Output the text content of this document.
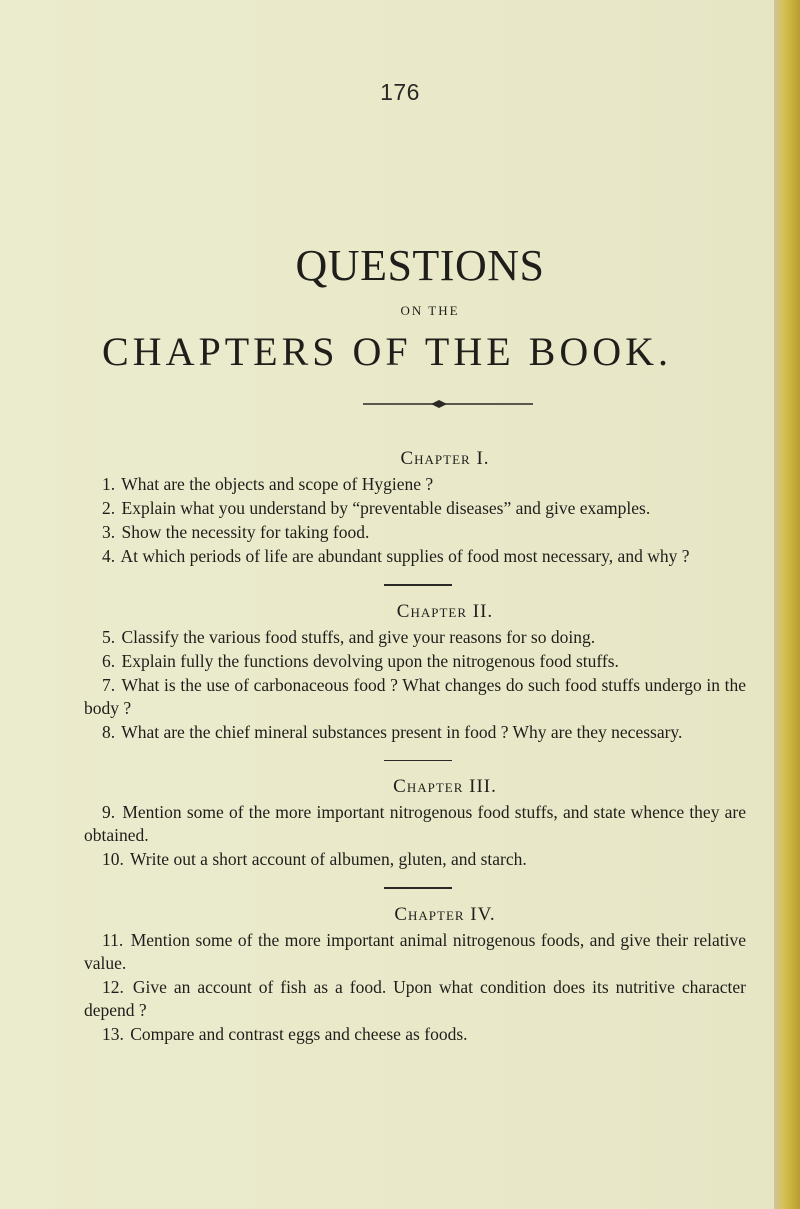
176
QUESTIONS
ON THE
CHAPTERS OF THE BOOK.
Chapter I.
1. What are the objects and scope of Hygiene ?
2. Explain what you understand by “preventable diseases” and give examples.
3. Show the necessity for taking food.
4. At which periods of life are abundant supplies of food most necessary, and why ?
Chapter II.
5. Classify the various food stuffs, and give your reasons for so doing.
6. Explain fully the functions devolving upon the nitrogenous food stuffs.
7. What is the use of carbonaceous food ? What changes do such food stuffs undergo in the body ?
8. What are the chief mineral substances present in food ? Why are they necessary.
Chapter III.
9. Mention some of the more important nitrogenous food stuffs, and state whence they are obtained.
10. Write out a short account of albumen, gluten, and starch.
Chapter IV.
11. Mention some of the more important animal nitrogenous foods, and give their relative value.
12. Give an account of fish as a food. Upon what condition does its nutritive character depend ?
13. Compare and contrast eggs and cheese as foods.
